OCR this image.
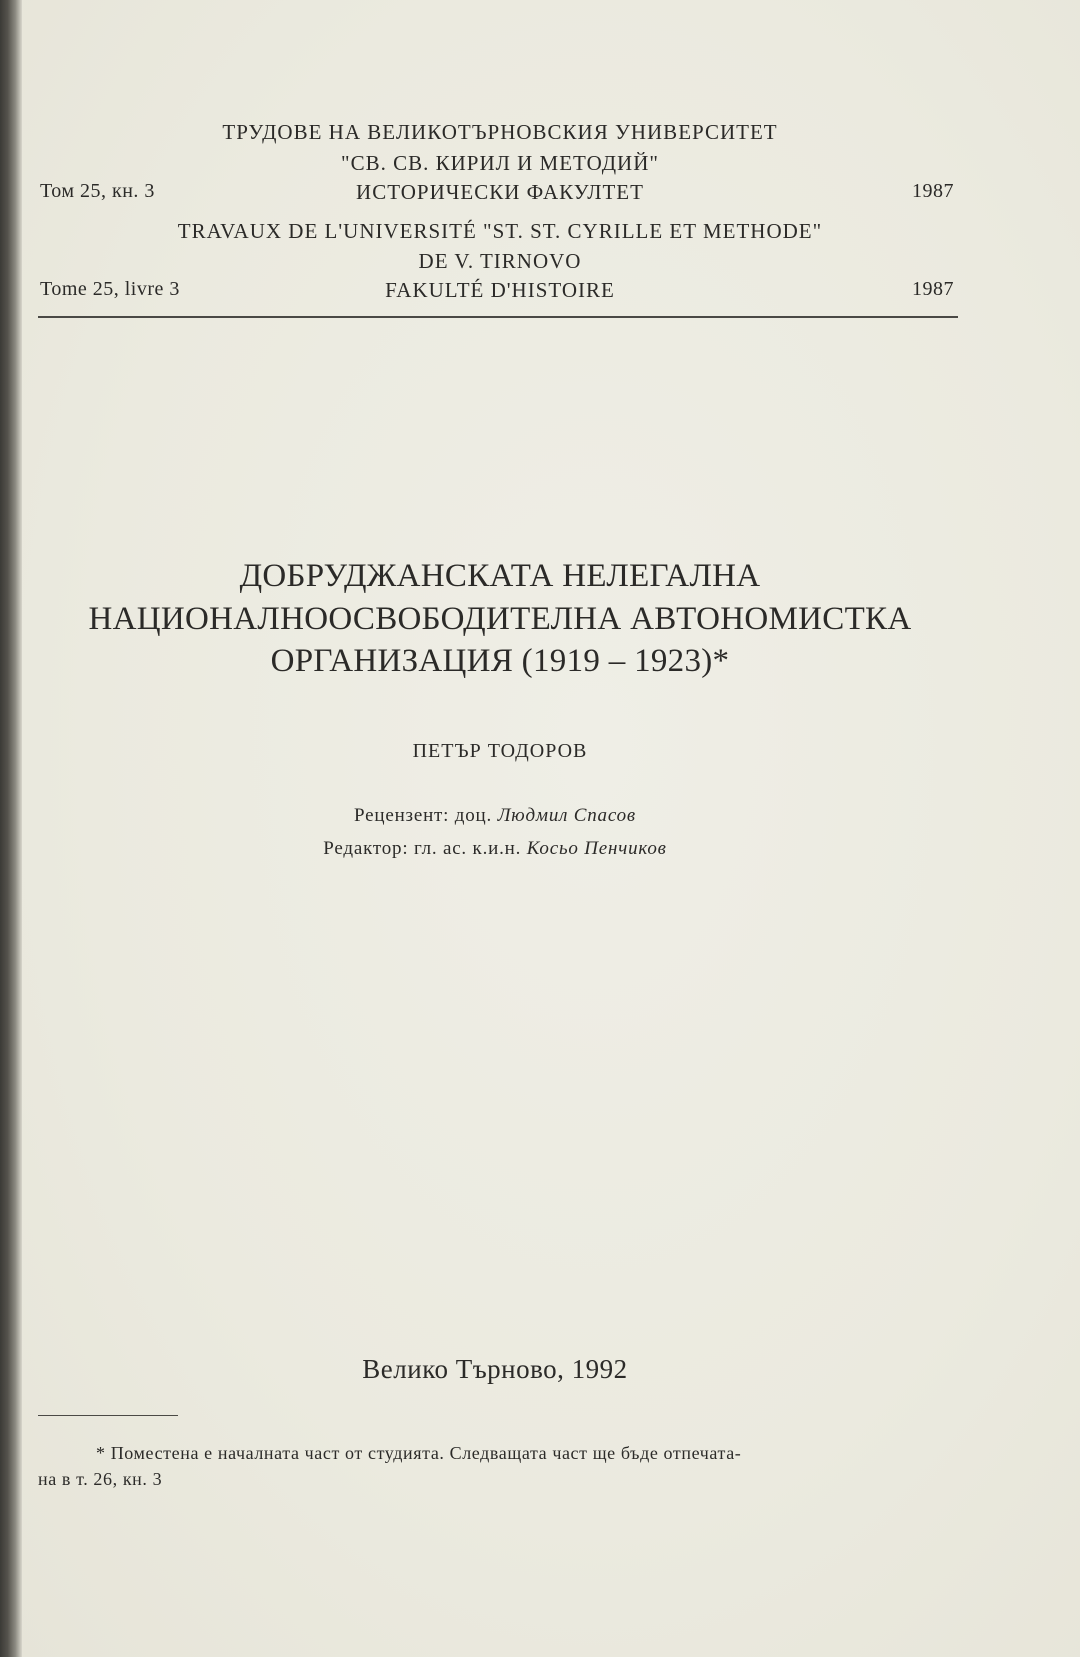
ТРУДОВЕ НА ВЕЛИКОТЪРНОВСКИЯ УНИВЕРСИТЕТ
"СВ. СВ. КИРИЛ И МЕТОДИЙ"
Том 25, кн. 3	ИСТОРИЧЕСКИ ФАКУЛТЕТ	1987
TRAVAUX DE L'UNIVERSITÉ "ST. ST. CYRILLE ET METHODE"
DE V. TIRNOVO
Tome 25, livre 3	FAKULTÉ D'HISTOIRE	1987
ДОБРУДЖАНСКАТА НЕЛЕГАЛНА
НАЦИОНАЛНООСВОБОДИТЕЛНА АВТОНОМИСТКА
ОРГАНИЗАЦИЯ (1919 – 1923)*
ПЕТЪР ТОДОРОВ
Рецензент: доц. Людмил Спасов
Редактор: гл. ас. к.и.н. Косьо Пенчиков
Велико Търново, 1992
* Поместена е началната част от студията. Следващата част ще бъде отпечата-
на в т. 26, кн. 3
